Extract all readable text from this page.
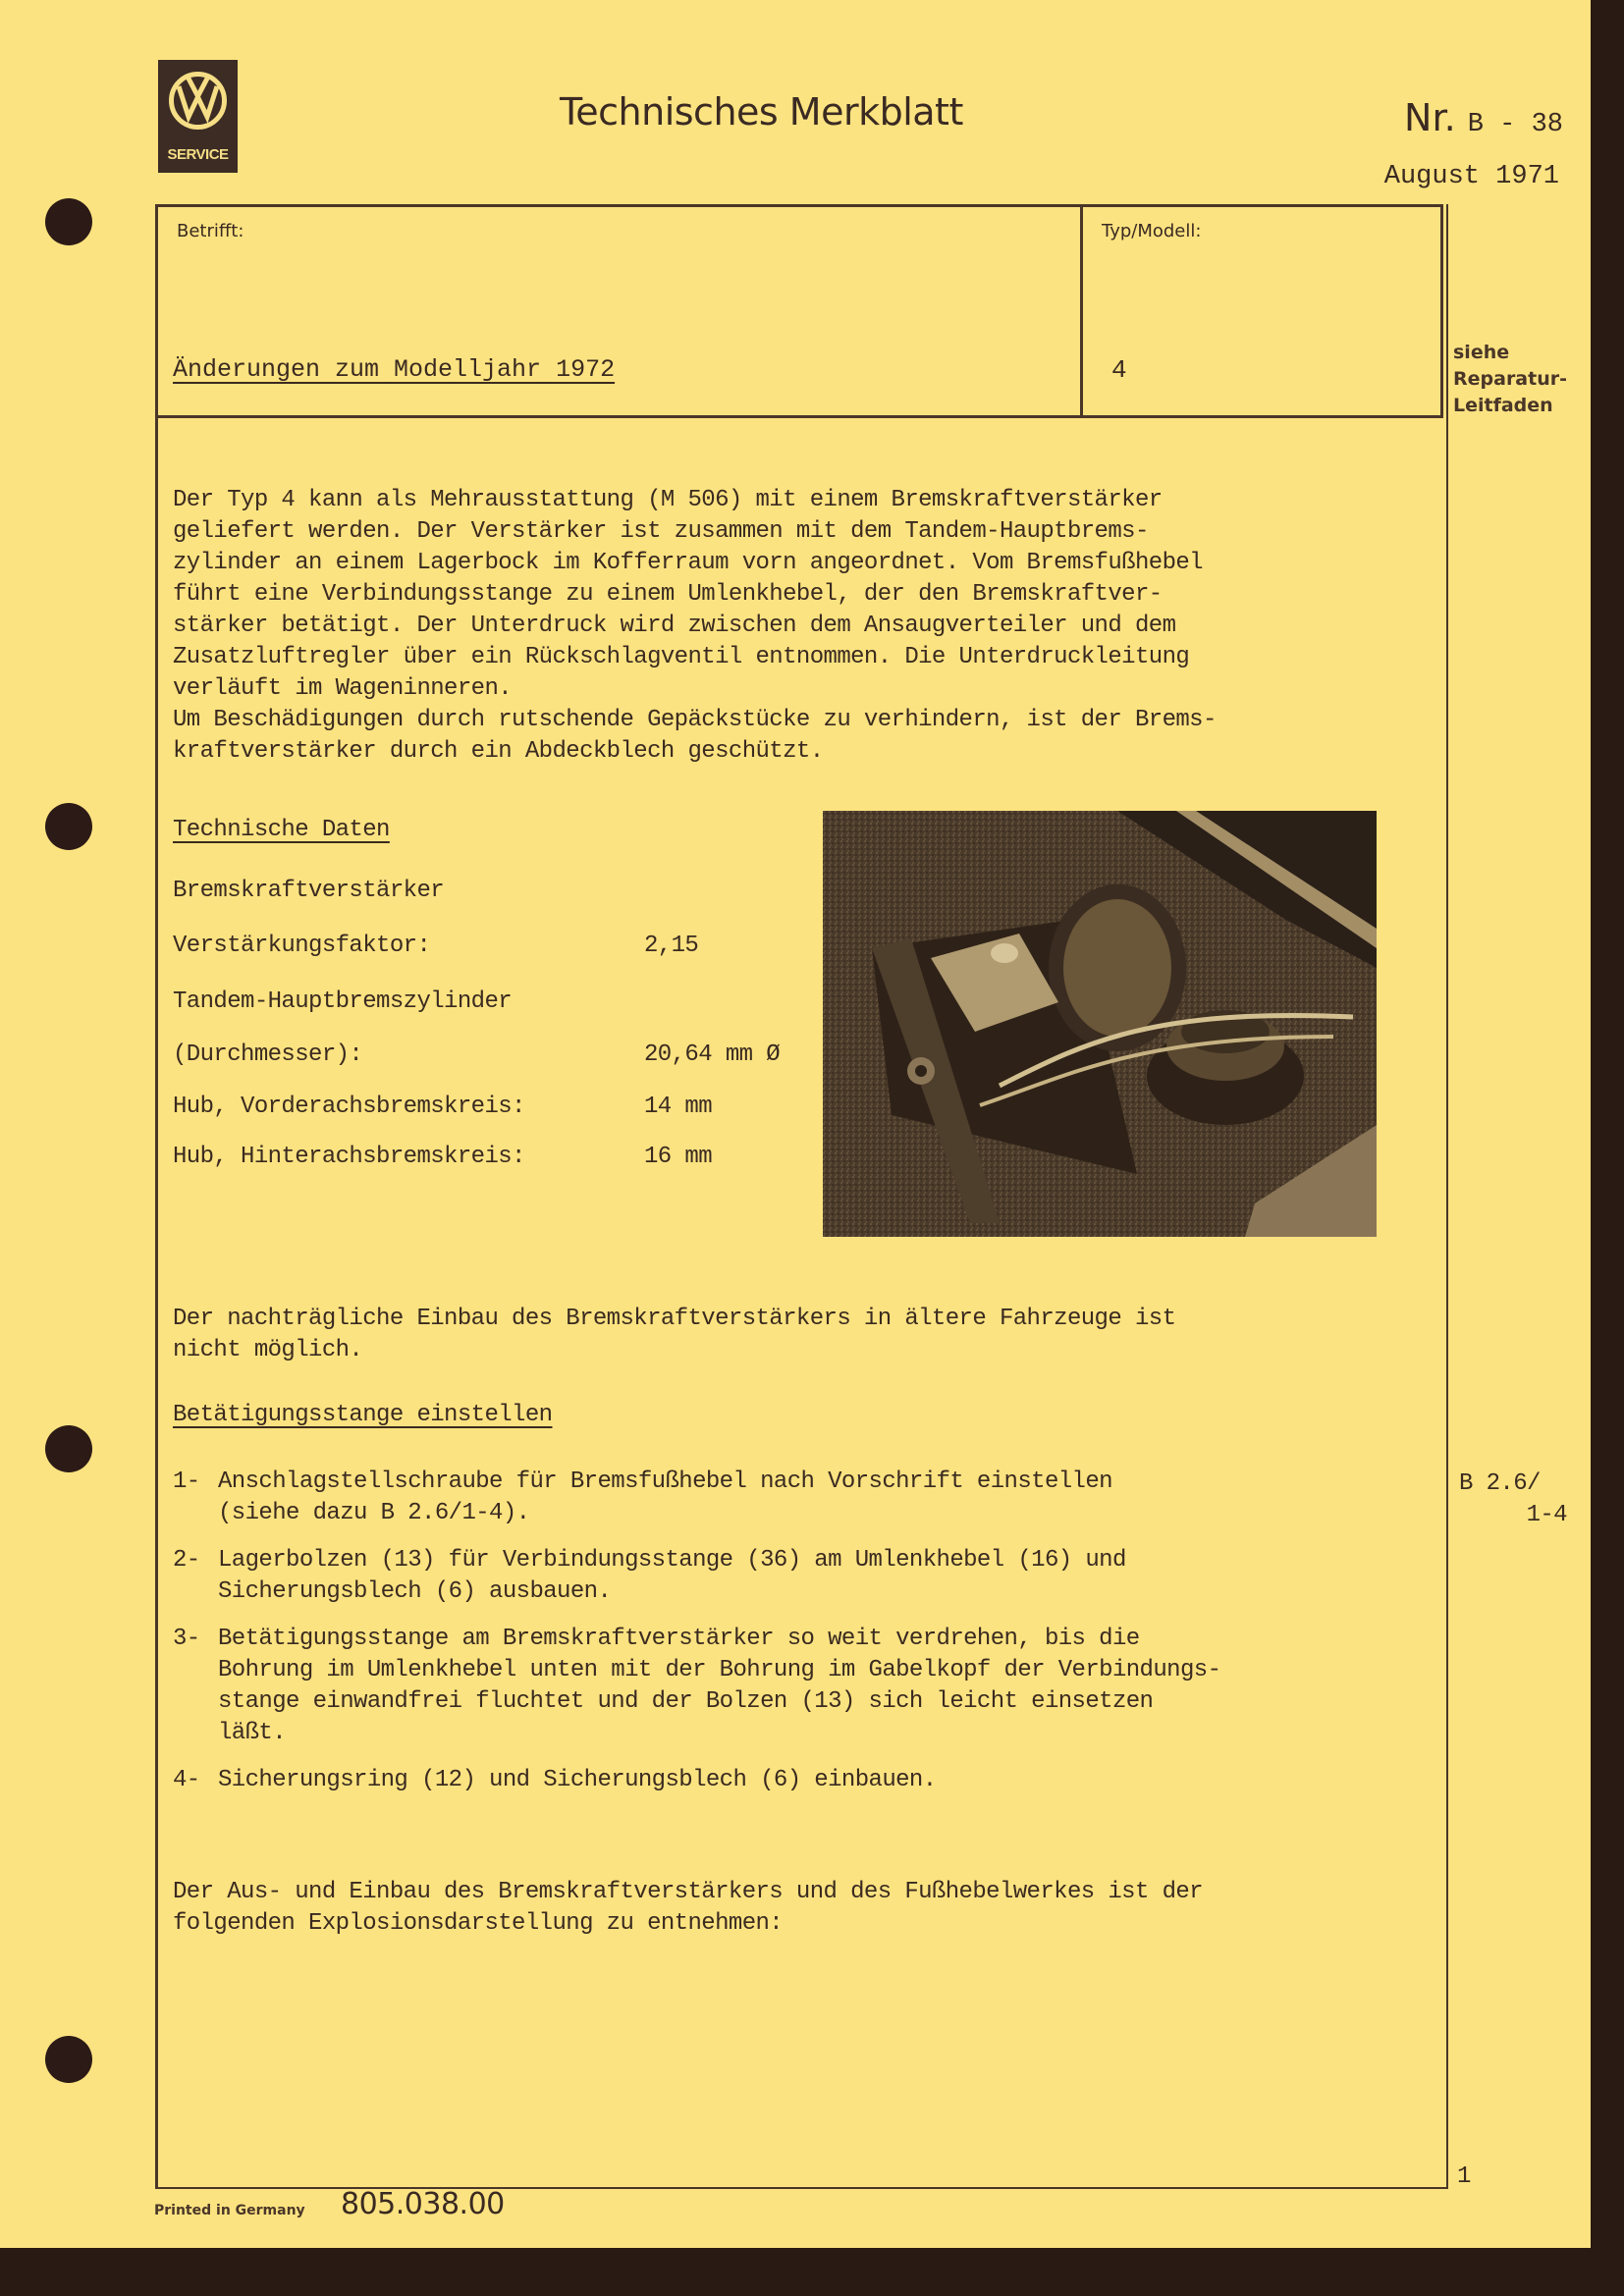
SERVICE
Technisches Merkblatt	Nr. B - 38
August 1971
Betrifft:	Typ/Modell:
Änderungen zum Modelljahr 1972	4
siehe
Reparatur-
Leitfaden
Der Typ 4 kann als Mehrausstattung (M 506) mit einem Bremskraftverstärker
geliefert werden. Der Verstärker ist zusammen mit dem Tandem-Hauptbrems-
zylinder an einem Lagerbock im Kofferraum vorn angeordnet. Vom Bremsfußhebel
führt eine Verbindungsstange zu einem Umlenkhebel, der den Bremskraftver-
stärker betätigt. Der Unterdruck wird zwischen dem Ansaugverteiler und dem
Zusatzluftregler über ein Rückschlagventil entnommen. Die Unterdruckleitung
verläuft im Wageninneren.
Um Beschädigungen durch rutschende Gepäckstücke zu verhindern, ist der Brems-
kraftverstärker durch ein Abdeckblech geschützt.
Technische Daten
Bremskraftverstärker
Verstärkungsfaktor:	2,15
Tandem-Hauptbremszylinder
(Durchmesser):	20,64 mm Ø
Hub, Vorderachsbremskreis:	14 mm
Hub, Hinterachsbremskreis:	16 mm
Der nachträgliche Einbau des Bremskraftverstärkers in ältere Fahrzeuge ist
nicht möglich.
Betätigungsstange einstellen
1- Anschlagstellschraube für Bremsfußhebel nach Vorschrift einstellen
(siehe dazu B 2.6/1-4).
2- Lagerbolzen (13) für Verbindungsstange (36) am Umlenkhebel (16) und
Sicherungsblech (6) ausbauen.
3- Betätigungsstange am Bremskraftverstärker so weit verdrehen, bis die
Bohrung im Umlenkhebel unten mit der Bohrung im Gabelkopf der Verbindungs-
stange einwandfrei fluchtet und der Bolzen (13) sich leicht einsetzen
läßt.
4- Sicherungsring (12) und Sicherungsblech (6) einbauen.
B 2.6/
1-4
Der Aus- und Einbau des Bremskraftverstärkers und des Fußhebelwerkes ist der
folgenden Explosionsdarstellung zu entnehmen:
1
Printed in Germany 805.038.00
